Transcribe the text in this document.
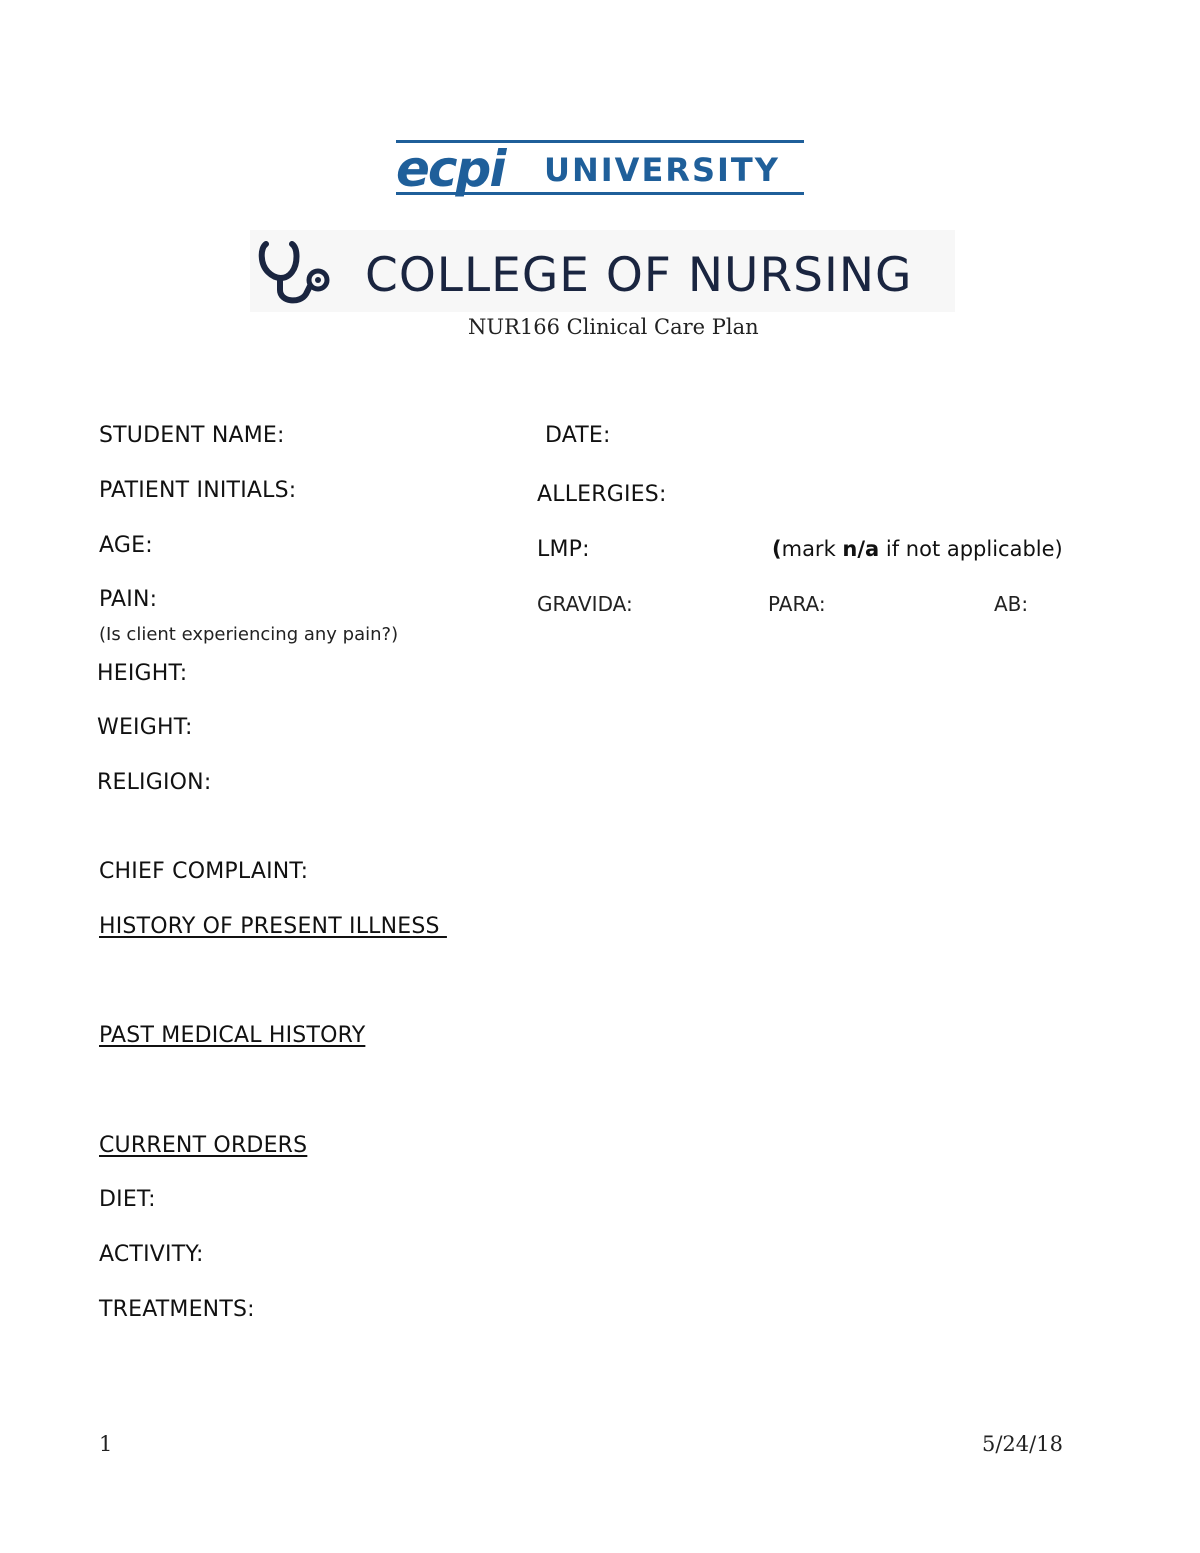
ecpi UNIVERSITY
COLLEGE OF NURSING
NUR166 Clinical Care Plan
STUDENT NAME:
PATIENT INITIALS:
AGE:
PAIN:
(Is client experiencing any pain?)
HEIGHT:
WEIGHT:
RELIGION:
DATE:
ALLERGIES:
LMP:	(mark n/a if not applicable)
GRAVIDA:	PARA:	AB:
CHIEF COMPLAINT:
HISTORY OF PRESENT ILLNESS
PAST MEDICAL HISTORY
CURRENT ORDERS
DIET:
ACTIVITY:
TREATMENTS:
1	5/24/18
